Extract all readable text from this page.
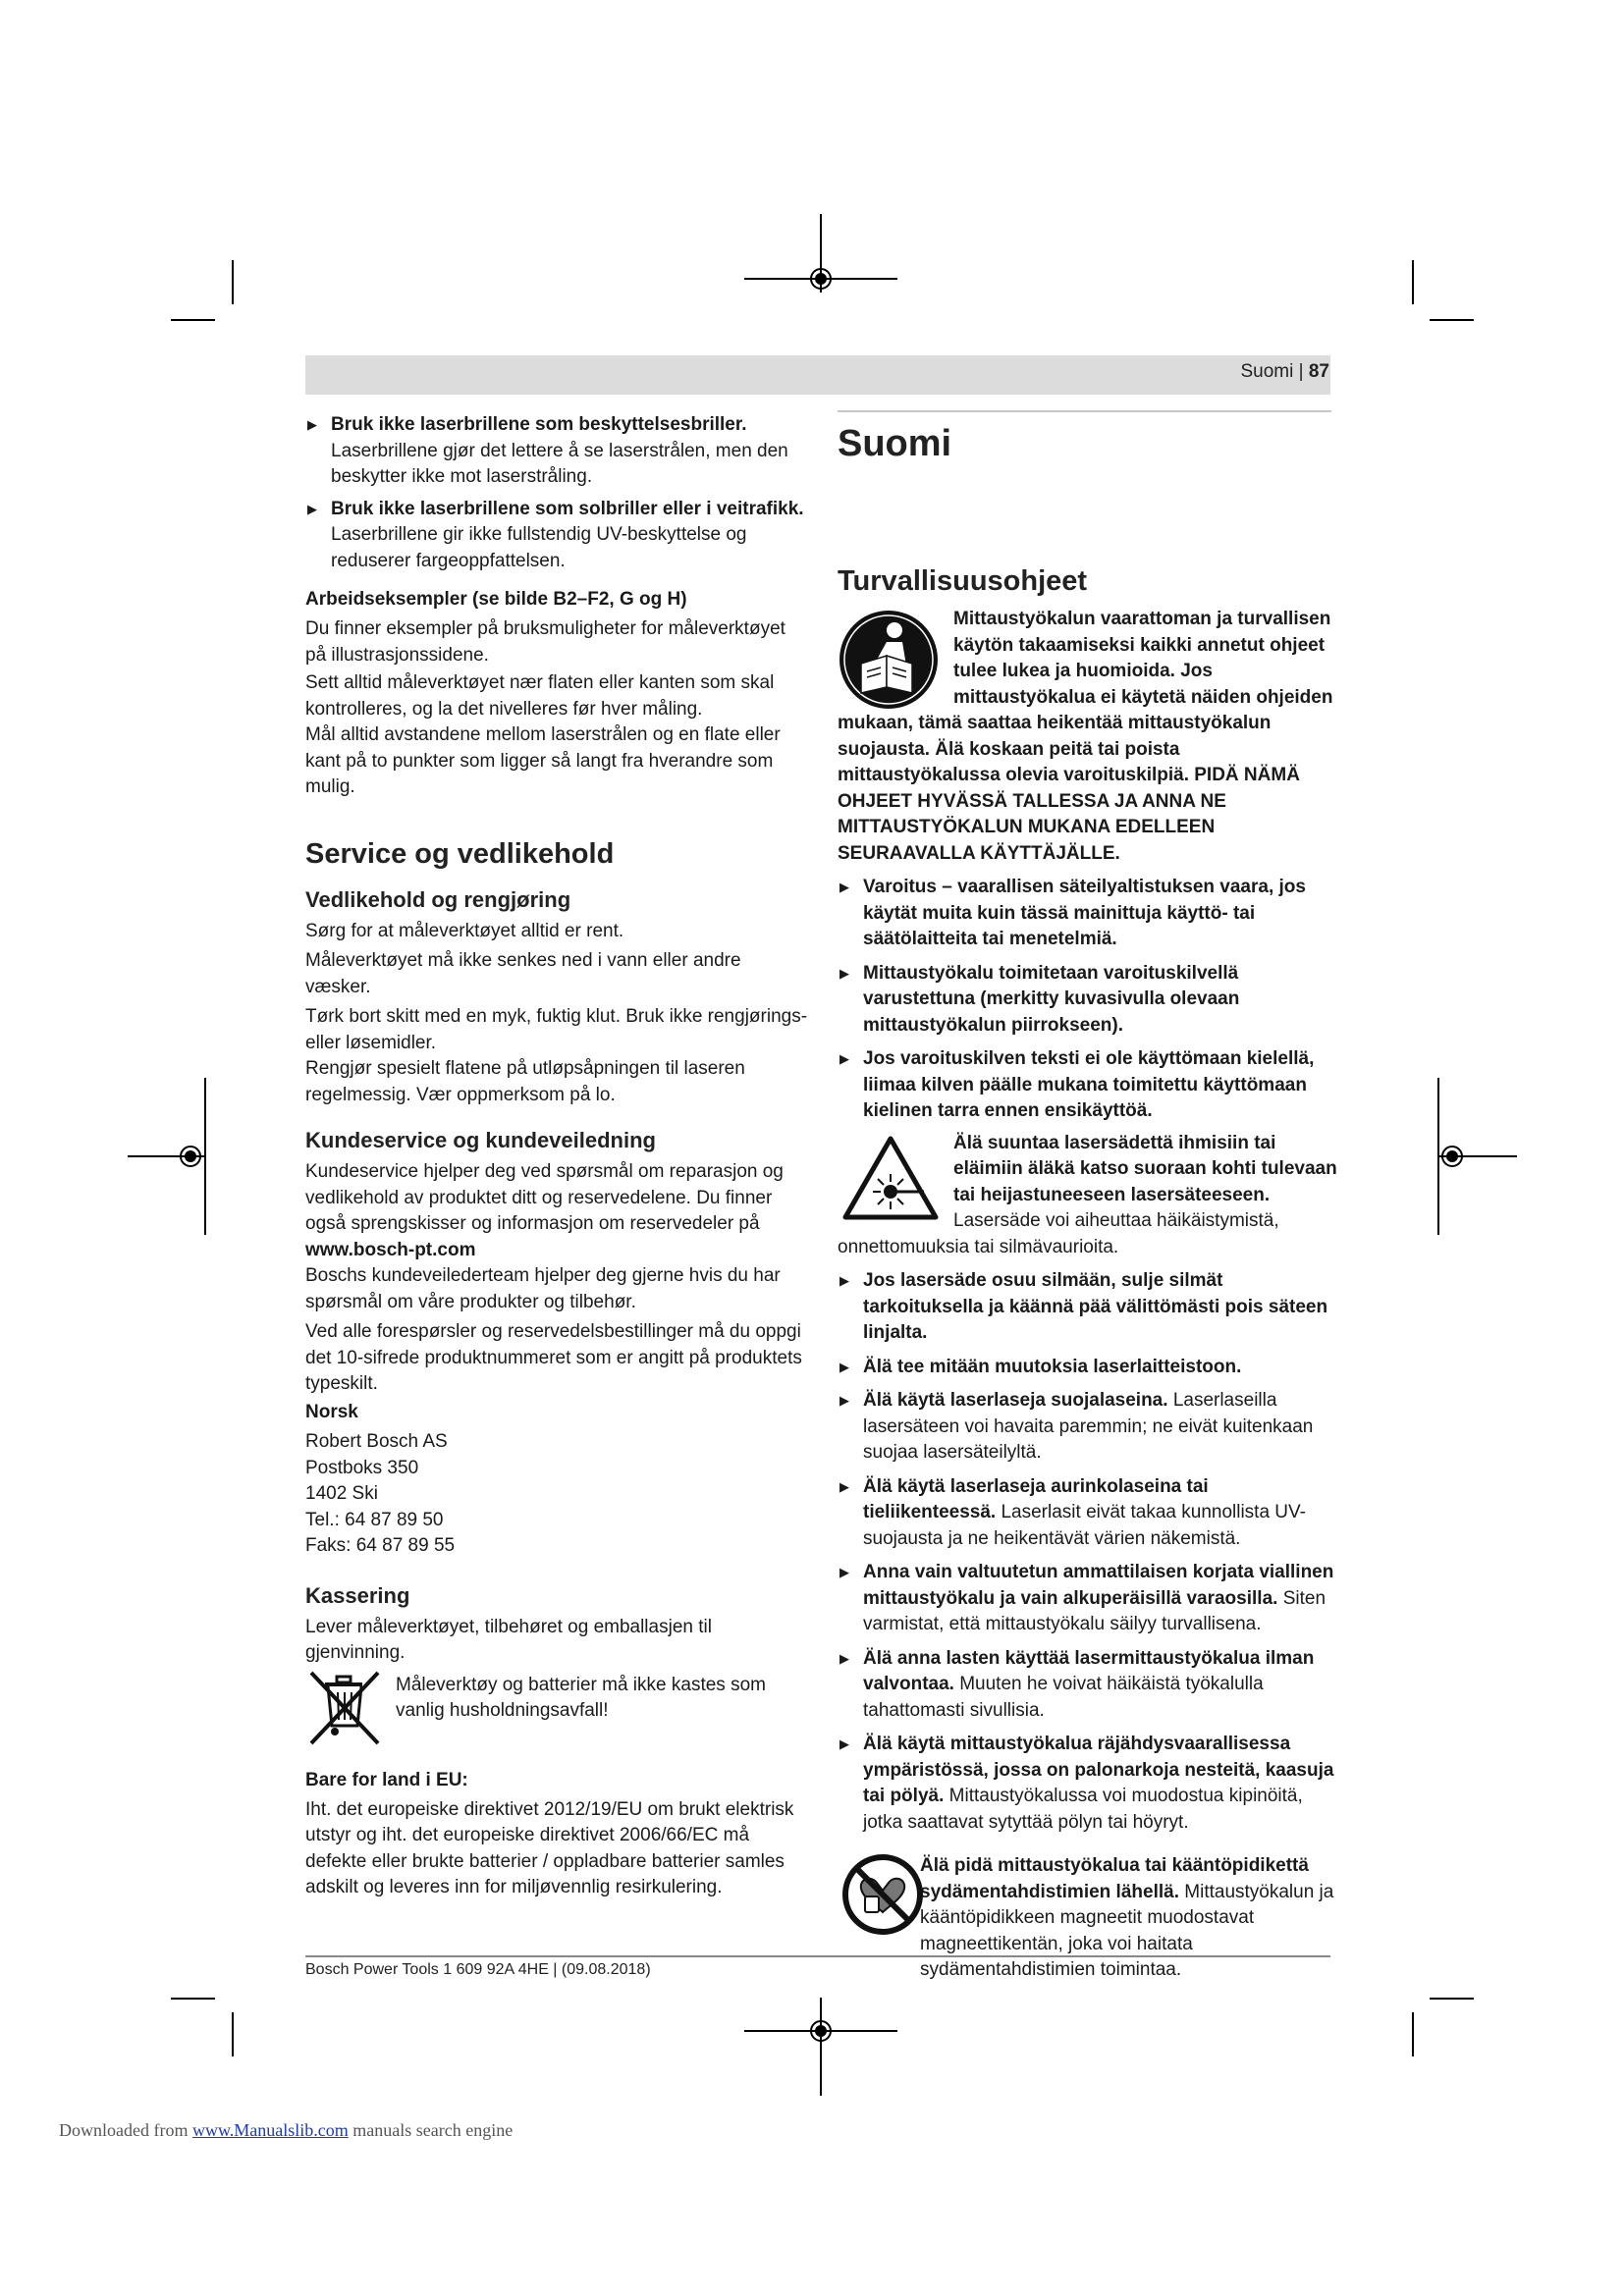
Suomi | 87

▶ Bruk ikke laserbrillene som beskyttelsesbriller.

Laserbrillene gjør det lettere å se laserstrålen, men den beskytter ikke mot laserstråling.

▶ Bruk ikke laserbrillene som solbriller eller i veitrafikk.

Laserbrillene gir ikke fullstendig UV-beskyttelse og reduserer fargeoppfattelsen.

Arbeidseksempler (se bilde B2–F2, G og H)

Du finner eksempler på bruksmuligheter for måleverktøyet på illustrasjonssidene.

Sett alltid måleverktøyet nær flaten eller kanten som skal kontrolleres, og la det nivelleres før hver måling.

Mål alltid avstandene mellom laserstrålen og en flate eller kant på to punkter som ligger så langt fra hverandre som mulig.

Service og vedlikehold

Vedlikehold og rengjøring

Sørg for at måleverktøyet alltid er rent.

Måleverktøyet må ikke senkes ned i vann eller andre væsker.

Tørk bort skitt med en myk, fuktig klut. Bruk ikke rengjørings- eller løsemidler.

Rengjør spesielt flatene på utløpsåpningen til laseren regelmessig. Vær oppmerksom på lo.

Kundeservice og kundeveiledning

Kundeservice hjelper deg ved spørsmål om reparasjon og vedlikehold av produktet ditt og reservedelene. Du finner også sprengskisser og informasjon om reservedeler på

www.bosch-pt.com

Boschs kundeveilederteam hjelper deg gjerne hvis du har spørsmål om våre produkter og tilbehør.

Ved alle forespørsler og reservedelsbestillinger må du oppgi det 10-sifrede produktnummeret som er angitt på produktets typeskilt.

Norsk

Robert Bosch AS

Postboks 350

1402 Ski

Tel.: 64 87 89 50

Faks: 64 87 89 55

Kassering

Lever måleverktøyet, tilbehøret og emballasjen til gjenvinning.

Måleverktøy og batterier må ikke kastes som vanlig husholdningsavfall!

Bare for land i EU:

Iht. det europeiske direktivet 2012/19/EU om brukt elektrisk utstyr og iht. det europeiske direktivet 2006/66/EC må defekte eller brukte batterier / oppladbare batterier samles adskilt og leveres inn for miljøvennlig resirkulering.

Suomi

Turvallisuusohjeet

Mittaustyökalun vaarattoman ja turvallisen käytön takaamiseksi kaikki annetut ohjeet tulee lukea ja huomioida. Jos mittaustyökalua ei käytetä näiden ohjeiden mukaan, tämä saattaa heikentää mittaustyökalun suojausta. Älä koskaan peitä tai poista mittaustyökalussa olevia varoituskilpiä. PIDÄ NÄMÄ OHJEET HYVÄSSÄ TALLESSA JA ANNA NE MITTAUSTYÖKALUN MUKANA EDELLEEN SEURAAVALLA KÄYTTÄJÄLLE.

▶ Varoitus – vaarallisen säteilyaltistuksen vaara, jos käytät muita kuin tässä mainittuja käyttö- tai säätölaitteita tai menetelmiä.

▶ Mittaustyökalu toimitetaan varoituskilvellä varustettuna (merkitty kuvasivulla olevaan mittaustyökalun piirrokseen).

▶ Jos varoituskilven teksti ei ole käyttömaan kielellä, liimaa kilven päälle mukana toimitettu käyttömaan kielinen tarra ennen ensikäyttöä.

Älä suuntaa lasersädettä ihmisiin tai eläimiin äläkä katso suoraan kohti tulevaan tai heijastuneeseen lasersäteeseen. Lasersäde voi aiheuttaa häikäistymistä, onnettomuuksia tai silmävaurioita.

▶ Jos lasersäde osuu silmään, sulje silmät tarkoituksella ja käännä pää välittömästi pois säteen linjalta.

▶ Älä tee mitään muutoksia laserlaitteistoon.

▶ Älä käytä laserlaseja suojalaseina. Laserlaseilla lasersäteen voi havaita paremmin; ne eivät kuitenkaan suojaa lasersäteilyltä.

▶ Älä käytä laserlaseja aurinkolaseina tai tieliikenteessä. Laserlasit eivät takaa kunnollista UV-suojausta ja ne heikentävät värien näkemistä.

▶ Anna vain valtuutetun ammattilaisen korjata viallinen mittaustyökalu ja vain alkuperäisillä varaosilla. Siten varmistat, että mittaustyökalu säilyy turvallisena.

▶ Älä anna lasten käyttää lasermittaustyökalua ilman valvontaa. Muuten he voivat häikäistä työkalulla tahattomasti sivullisia.

▶ Älä käytä mittaustyökalua räjähdysvaarallisessa ympäristössä, jossa on palonarkoja nesteitä, kaasuja tai pölyä. Mittaustyökalussa voi muodostua kipinöitä, jotka saattavat sytyttää pölyn tai höyryt.

Älä pidä mittaustyökalua tai kääntöpidikettä sydämentahdistimien lähellä. Mittaustyökalun ja kääntöpidikkeen magneetit muodostavat magneettikentän, joka voi haitata sydämentahdistimien toimintaa.

Bosch Power Tools 1 609 92A 4HE | (09.08.2018)
Downloaded from www.Manualslib.com manuals search engine
